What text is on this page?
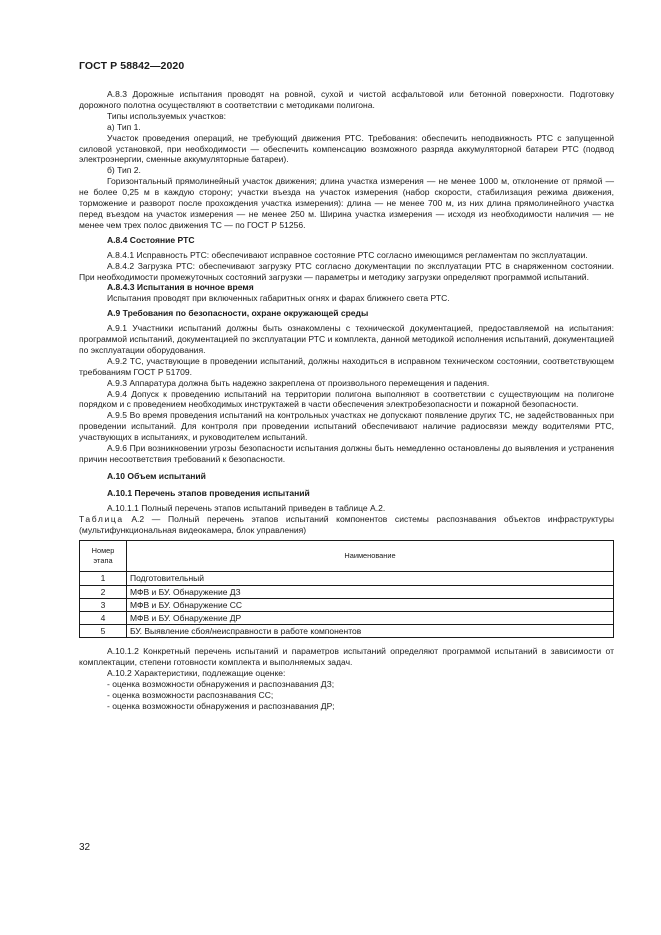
ГОСТ Р 58842—2020

А.8.3 Дорожные испытания проводят на ровной, сухой и чистой асфальтовой или бетонной поверхности. Подготовку дорожного полотна осуществляют в соответствии с методиками полигона.

Типы используемых участков:

а) Тип 1.

Участок проведения операций, не требующий движения РТС. Требования: обеспечить неподвижность РТС с запущенной силовой установкой, при необходимости — обеспечить компенсацию возможного разряда аккумуляторной батареи РТС (подвод электроэнергии, сменные аккумуляторные батареи).

б) Тип 2.

Горизонтальный прямолинейный участок движения; длина участка измерения — не менее 1000 м, отклонение от прямой — не более 0,25 м в каждую сторону; участки въезда на участок измерения (набор скорости, стабилизация режима движения, торможение и разворот после прохождения участка измерения): длина — не менее 700 м, из них длина прямолинейного участка перед въездом на участок измерения — не менее 250 м. Ширина участка измерения — исходя из необходимости наличия — не менее чем трех полос движения ТС — по ГОСТ Р 51256.

А.8.4 Состояние РТС

А.8.4.1 Исправность РТС: обеспечивают исправное состояние РТС согласно имеющимся регламентам по эксплуатации.

А.8.4.2 Загрузка РТС: обеспечивают загрузку РТС согласно документации по эксплуатации РТС в снаряженном состоянии. При необходимости промежуточных состояний загрузки — параметры и методику загрузки определяют программой испытаний.

А.8.4.3 Испытания в ночное время

Испытания проводят при включенных габаритных огнях и фарах ближнего света РТС.

А.9 Требования по безопасности, охране окружающей среды

А.9.1 Участники испытаний должны быть ознакомлены с технической документацией, предоставляемой на испытания: программой испытаний, документацией по эксплуатации РТС и комплекта, данной методикой исполнения испытаний, документацией по эксплуатации оборудования.

А.9.2 ТС, участвующие в проведении испытаний, должны находиться в исправном техническом состоянии, соответствующем требованиям ГОСТ Р 51709.

А.9.3 Аппаратура должна быть надежно закреплена от произвольного перемещения и падения.

А.9.4 Допуск к проведению испытаний на территории полигона выполняют в соответствии с существующим на полигоне порядком и с проведением необходимых инструктажей в части обеспечения электробезопасности и пожарной безопасности.

А.9.5 Во время проведения испытаний на контрольных участках не допускают появление других ТС, не задействованных при проведении испытаний. Для контроля при проведении испытаний обеспечивают наличие радиосвязи между водителями РТС, участвующих в испытаниях, и руководителем испытаний.

А.9.6 При возникновении угрозы безопасности испытания должны быть немедленно остановлены до выявления и устранения причин несоответствия требований к безопасности.

А.10 Объем испытаний

А.10.1 Перечень этапов проведения испытаний

А.10.1.1 Полный перечень этапов испытаний приведен в таблице А.2.

Таблица А.2 — Полный перечень этапов испытаний компонентов системы распознавания объектов инфраструктуры (мультифункциональная видеокамера, блок управления)

Номер этапа	Наименование
1	Подготовительный
2	МФВ и БУ. Обнаружение ДЗ
3	МФВ и БУ. Обнаружение СС
4	МФВ и БУ. Обнаружение ДР
5	БУ. Выявление сбоя/неисправности в работе компонентов

А.10.1.2 Конкретный перечень испытаний и параметров испытаний определяют программой испытаний в зависимости от комплектации, степени готовности комплекта и выполняемых задач.

А.10.2 Характеристики, подлежащие оценке:

- оценка возможности обнаружения и распознавания ДЗ;

- оценка возможности распознавания СС;

- оценка возможности обнаружения и распознавания ДР;

32
